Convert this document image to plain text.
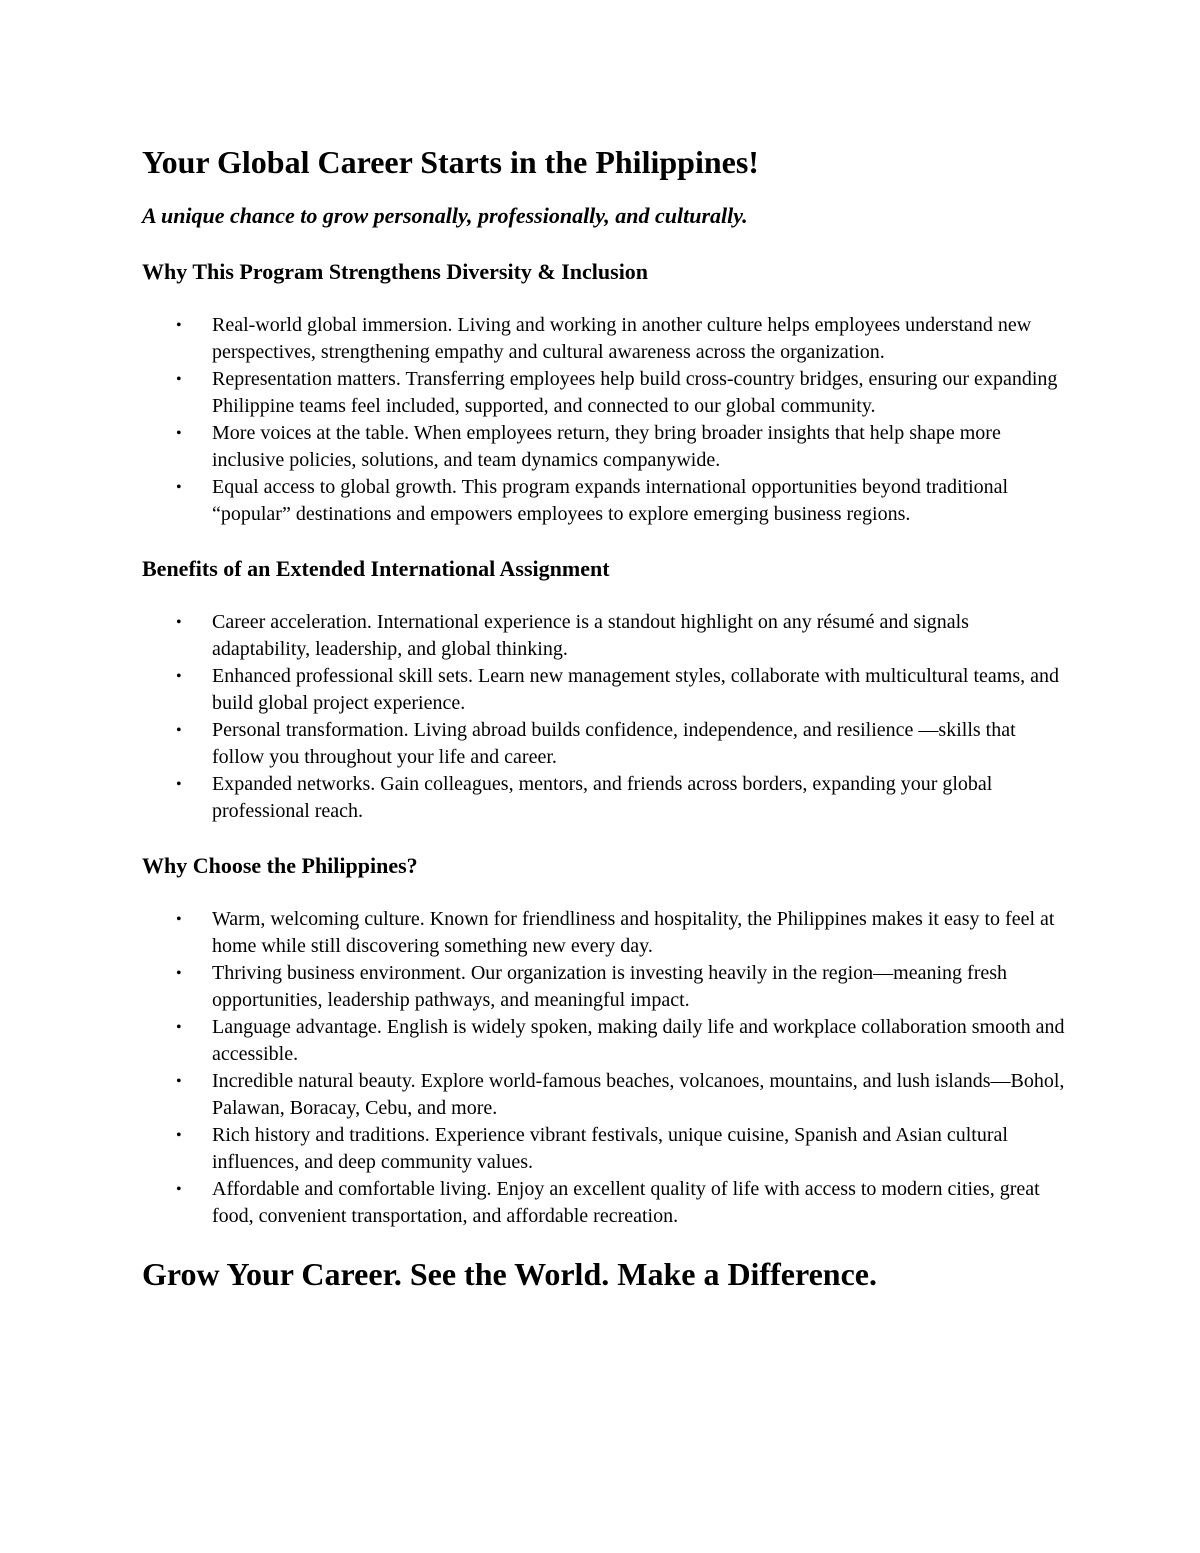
Your Global Career Starts in the Philippines!

A unique chance to grow personally, professionally, and culturally.

Why This Program Strengthens Diversity & Inclusion
• Real-world global immersion. Living and working in another culture helps employees understand new perspectives, strengthening empathy and cultural awareness across the organization.
• Representation matters. Transferring employees help build cross-country bridges, ensuring our expanding Philippine teams feel included, supported, and connected to our global community.
• More voices at the table. When employees return, they bring broader insights that help shape more inclusive policies, solutions, and team dynamics companywide.
• Equal access to global growth. This program expands international opportunities beyond traditional “popular” destinations and empowers employees to explore emerging business regions.
Benefits of an Extended International Assignment
• Career acceleration. International experience is a standout highlight on any résumé and signals adaptability, leadership, and global thinking.
• Enhanced professional skill sets. Learn new management styles, collaborate with multicultural teams, and build global project experience.
• Personal transformation. Living abroad builds confidence, independence, and resilience —skills that follow you throughout your life and career.
• Expanded networks. Gain colleagues, mentors, and friends across borders, expanding your global professional reach.
Why Choose the Philippines?
• Warm, welcoming culture. Known for friendliness and hospitality, the Philippines makes it easy to feel at home while still discovering something new every day.
• Thriving business environment. Our organization is investing heavily in the region—meaning fresh opportunities, leadership pathways, and meaningful impact.
• Language advantage. English is widely spoken, making daily life and workplace collaboration smooth and accessible.
• Incredible natural beauty. Explore world-famous beaches, volcanoes, mountains, and lush islands—Bohol, Palawan, Boracay, Cebu, and more.
• Rich history and traditions. Experience vibrant festivals, unique cuisine, Spanish and Asian cultural influences, and deep community values.
• Affordable and comfortable living. Enjoy an excellent quality of life with access to modern cities, great food, convenient transportation, and affordable recreation.
Grow Your Career. See the World. Make a Difference.
